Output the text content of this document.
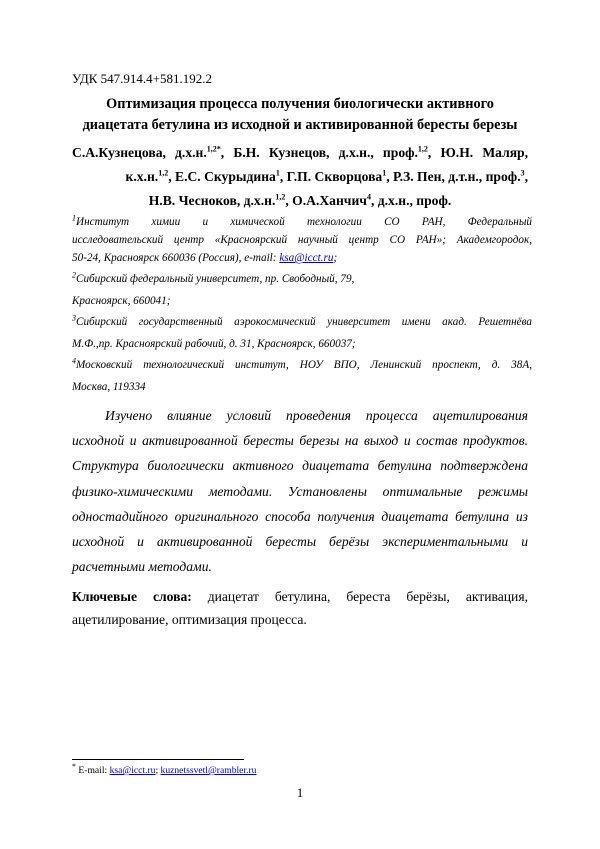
УДК 547.914.4+581.192.2
Оптимизация процесса получения биологически активного
диацетата бетулина из исходной и активированной бересты березы
С.А.Кузнецова, д.х.н.$^{1,2*}$, Б.Н. Кузнецов, д.х.н., проф.$^{1,2}$, Ю.Н. Маляр,
к.х.н.$^{1,2}$, Е.С. Скурыдина$^1$, Г.П. Скворцова$^1$, Р.З. Пен, д.т.н., проф.$^3$,
Н.В. Чесноков, д.х.н.$^{1,2}$, О.А.Ханчич$^4$, д.х.н., проф.
$^1$Институт химии и химической технологии СО РАН, Федеральный
исследовательский центр «Красноярский научный центр СО РАН»; Академгородок,
50-24, Красноярск 660036 (Россия), e-mail: ksa@icct.ru;
$^2$Сибирский федеральный университет, пр. Свободный, 79,
Красноярск, 660041;
$^3$Сибирский государственный аэрокосмический университет имени акад. Решетнёва
М.Ф.,пр. Красноярский рабочий, д. 31, Красноярск, 660037;
$^4$Московский технологический институт, НОУ ВПО, Ленинский проспект, д. 38А,
Москва, 119334
Изучено влияние условий проведения процесса ацетилирования
исходной и активированной бересты березы на выход и состав продуктов.
Структура биологически активного диацетата бетулина подтверждена
физико-химическими методами. Установлены оптимальные режимы
одностадийного оригинального способа получения диацетата бетулина из
исходной и активированной бересты берёзы экспериментальными и
расчетными методами.
Ключевые слова: диацетат бетулина, береста берёзы, активация,
ацетилирование, оптимизация процесса.
* E-mail: ksa@icct.ru; kuznetssvetl@rambler.ru
1
